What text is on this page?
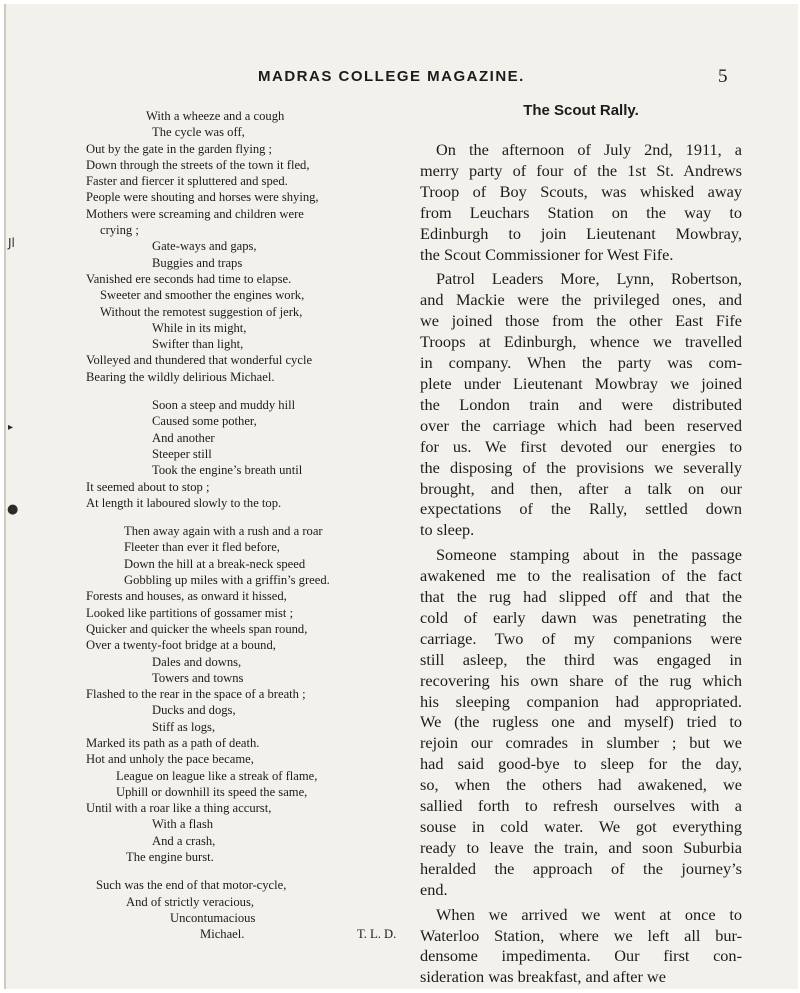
MADRAS COLLEGE MAGAZINE.	5
Jl
▸
●
With a wheeze and a cough
The cycle was off,
Out by the gate in the garden flying ;
Down through the streets of the town it fled,
Faster and fiercer it spluttered and sped.
People were shouting and horses were shying,
Mothers were screaming and children were
crying ;
Gate-ways and gaps,
Buggies and traps
Vanished ere seconds had time to elapse.
Sweeter and smoother the engines work,
Without the remotest suggestion of jerk,
While in its might,
Swifter than light,
Volleyed and thundered that wonderful cycle
Bearing the wildly delirious Michael.
Soon a steep and muddy hill
Caused some pother,
And another
Steeper still
Took the engine’s breath until
It seemed about to stop ;
At length it laboured slowly to the top.
Then away again with a rush and a roar
Fleeter than ever it fled before,
Down the hill at a break-neck speed
Gobbling up miles with a griffin’s greed.
Forests and houses, as onward it hissed,
Looked like partitions of gossamer mist ;
Quicker and quicker the wheels span round,
Over a twenty-foot bridge at a bound,
Dales and downs,
Towers and towns
Flashed to the rear in the space of a breath ;
Ducks and dogs,
Stiff as logs,
Marked its path as a path of death.
Hot and unholy the pace became,
League on league like a streak of flame,
Uphill or downhill its speed the same,
Until with a roar like a thing accurst,
With a flash
And a crash,
The engine burst.
Such was the end of that motor-cycle,
And of strictly veracious,
Uncontumacious
Michael.	T. L. D.
The Scout Rally.
On the afternoon of July 2nd, 1911, a
merry party of four of the 1st St. Andrews
Troop of Boy Scouts, was whisked away
from Leuchars Station on the way to
Edinburgh to join Lieutenant Mowbray,
the Scout Commissioner for West Fife.
Patrol Leaders More, Lynn, Robertson,
and Mackie were the privileged ones, and
we joined those from the other East Fife
Troops at Edinburgh, whence we travelled
in company. When the party was com-
plete under Lieutenant Mowbray we joined
the London train and were distributed
over the carriage which had been reserved
for us. We first devoted our energies to
the disposing of the provisions we severally
brought, and then, after a talk on our
expectations of the Rally, settled down
to sleep.
Someone stamping about in the passage
awakened me to the realisation of the fact
that the rug had slipped off and that the
cold of early dawn was penetrating the
carriage. Two of my companions were
still asleep, the third was engaged in
recovering his own share of the rug which
his sleeping companion had appropriated.
We (the rugless one and myself) tried to
rejoin our comrades in slumber ; but we
had said good-bye to sleep for the day,
so, when the others had awakened, we
sallied forth to refresh ourselves with a
souse in cold water. We got everything
ready to leave the train, and soon Suburbia
heralded the approach of the journey’s
end.
When we arrived we went at once to
Waterloo Station, where we left all bur-
densome impedimenta. Our first con-
sideration was breakfast, and after we
